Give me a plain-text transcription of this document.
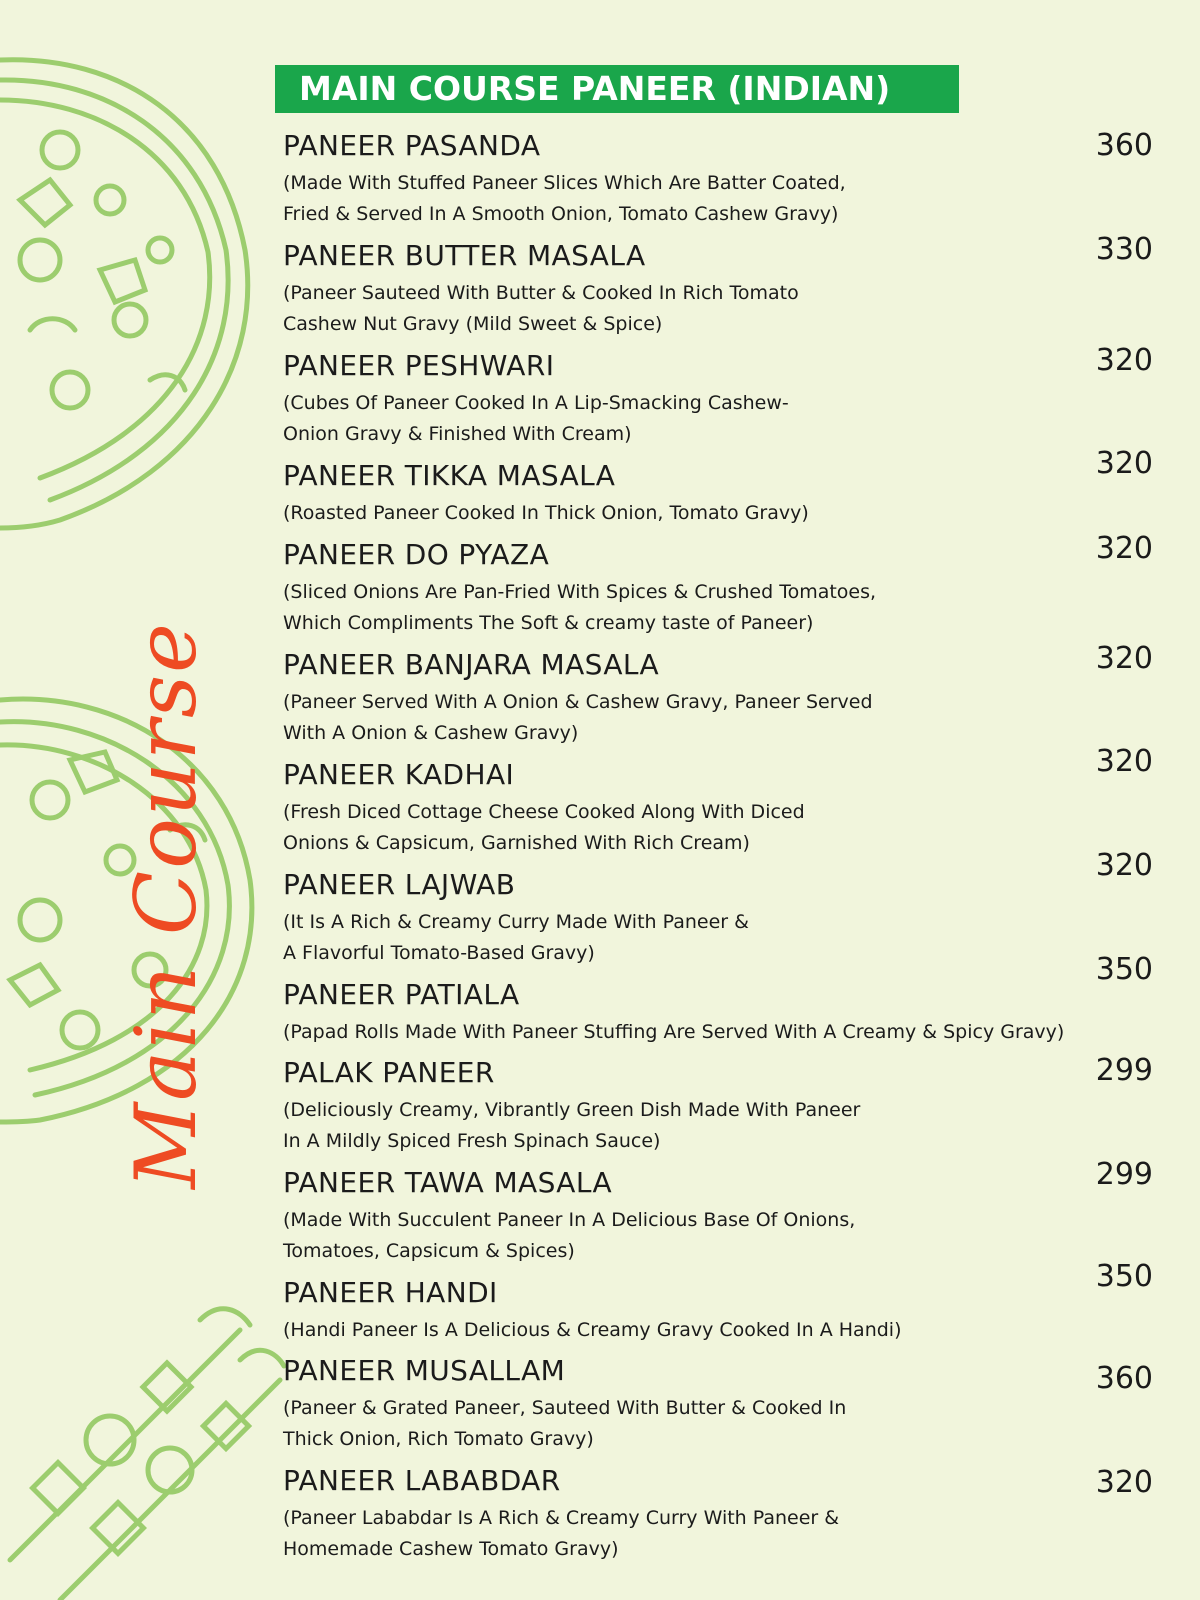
Main Course
MAIN COURSE PANEER (INDIAN)
PANEER PASANDA
(Made With Stuffed Paneer Slices Which Are Batter Coated,
Fried & Served In A Smooth Onion, Tomato Cashew Gravy)
360
PANEER BUTTER MASALA
(Paneer Sauteed With Butter & Cooked In Rich Tomato
Cashew Nut Gravy (Mild Sweet & Spice)
330
PANEER PESHWARI
(Cubes Of Paneer Cooked In A Lip-Smacking Cashew-
Onion Gravy & Finished With Cream)
320
PANEER TIKKA MASALA
(Roasted Paneer Cooked In Thick Onion, Tomato Gravy)
320
PANEER DO PYAZA
(Sliced Onions Are Pan-Fried With Spices & Crushed Tomatoes,
Which Compliments The Soft & creamy taste of Paneer)
320
PANEER BANJARA MASALA
(Paneer Served With A Onion & Cashew Gravy, Paneer Served
With A Onion & Cashew Gravy)
320
PANEER KADHAI
(Fresh Diced Cottage Cheese Cooked Along With Diced
Onions & Capsicum, Garnished With Rich Cream)
320
PANEER LAJWAB
(It Is A Rich & Creamy Curry Made With Paneer &
A Flavorful Tomato-Based Gravy)
320
PANEER PATIALA
(Papad Rolls Made With Paneer Stuffing Are Served With A Creamy & Spicy Gravy)
350
PALAK PANEER
(Deliciously Creamy, Vibrantly Green Dish Made With Paneer
In A Mildly Spiced Fresh Spinach Sauce)
299
PANEER TAWA MASALA
(Made With Succulent Paneer In A Delicious Base Of Onions,
Tomatoes, Capsicum & Spices)
299
PANEER HANDI
(Handi Paneer Is A Delicious & Creamy Gravy Cooked In A Handi)
350
PANEER MUSALLAM
(Paneer & Grated Paneer, Sauteed With Butter & Cooked In
Thick Onion, Rich Tomato Gravy)
360
PANEER LABABDAR
(Paneer Lababdar Is A Rich & Creamy Curry With Paneer &
Homemade Cashew Tomato Gravy)
320
